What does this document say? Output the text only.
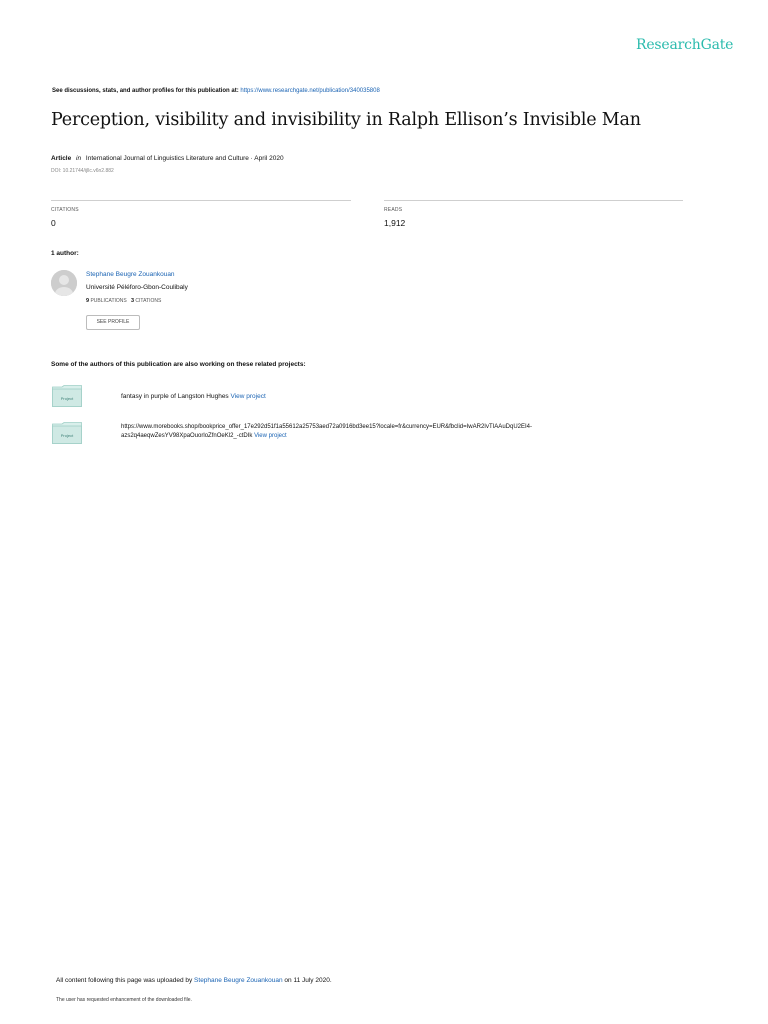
ResearchGate
See discussions, stats, and author profiles for this publication at: https://www.researchgate.net/publication/340035808
Perception, visibility and invisibility in Ralph Ellison’s Invisible Man
Article in International Journal of Linguistics Literature and Culture · April 2020
DOI: 10.21744/ijllc.v6n2.882
CITATIONS
0
READS
1,912
1 author:
Stephane Beugre Zouankouan
Université Péléforo-Gbon-Coulibaly
9 PUBLICATIONS 3 CITATIONS
SEE PROFILE
Some of the authors of this publication are also working on these related projects:
Project	fantasy in purple of Langston Hughes View project
Project
https://www.morebooks.shop/bookprice_offer_17e292d51f1a55612a25753aed72a0916bd3ee15?locale=fr&currency=EUR&fbclid=IwAR2IvTIAAuDqU2EI4-
azs2q4aeqwZesYV98XpaOuorloZfnOeKl2_-ctDIk View project
All content following this page was uploaded by Stephane Beugre Zouankouan on 11 July 2020.
The user has requested enhancement of the downloaded file.
